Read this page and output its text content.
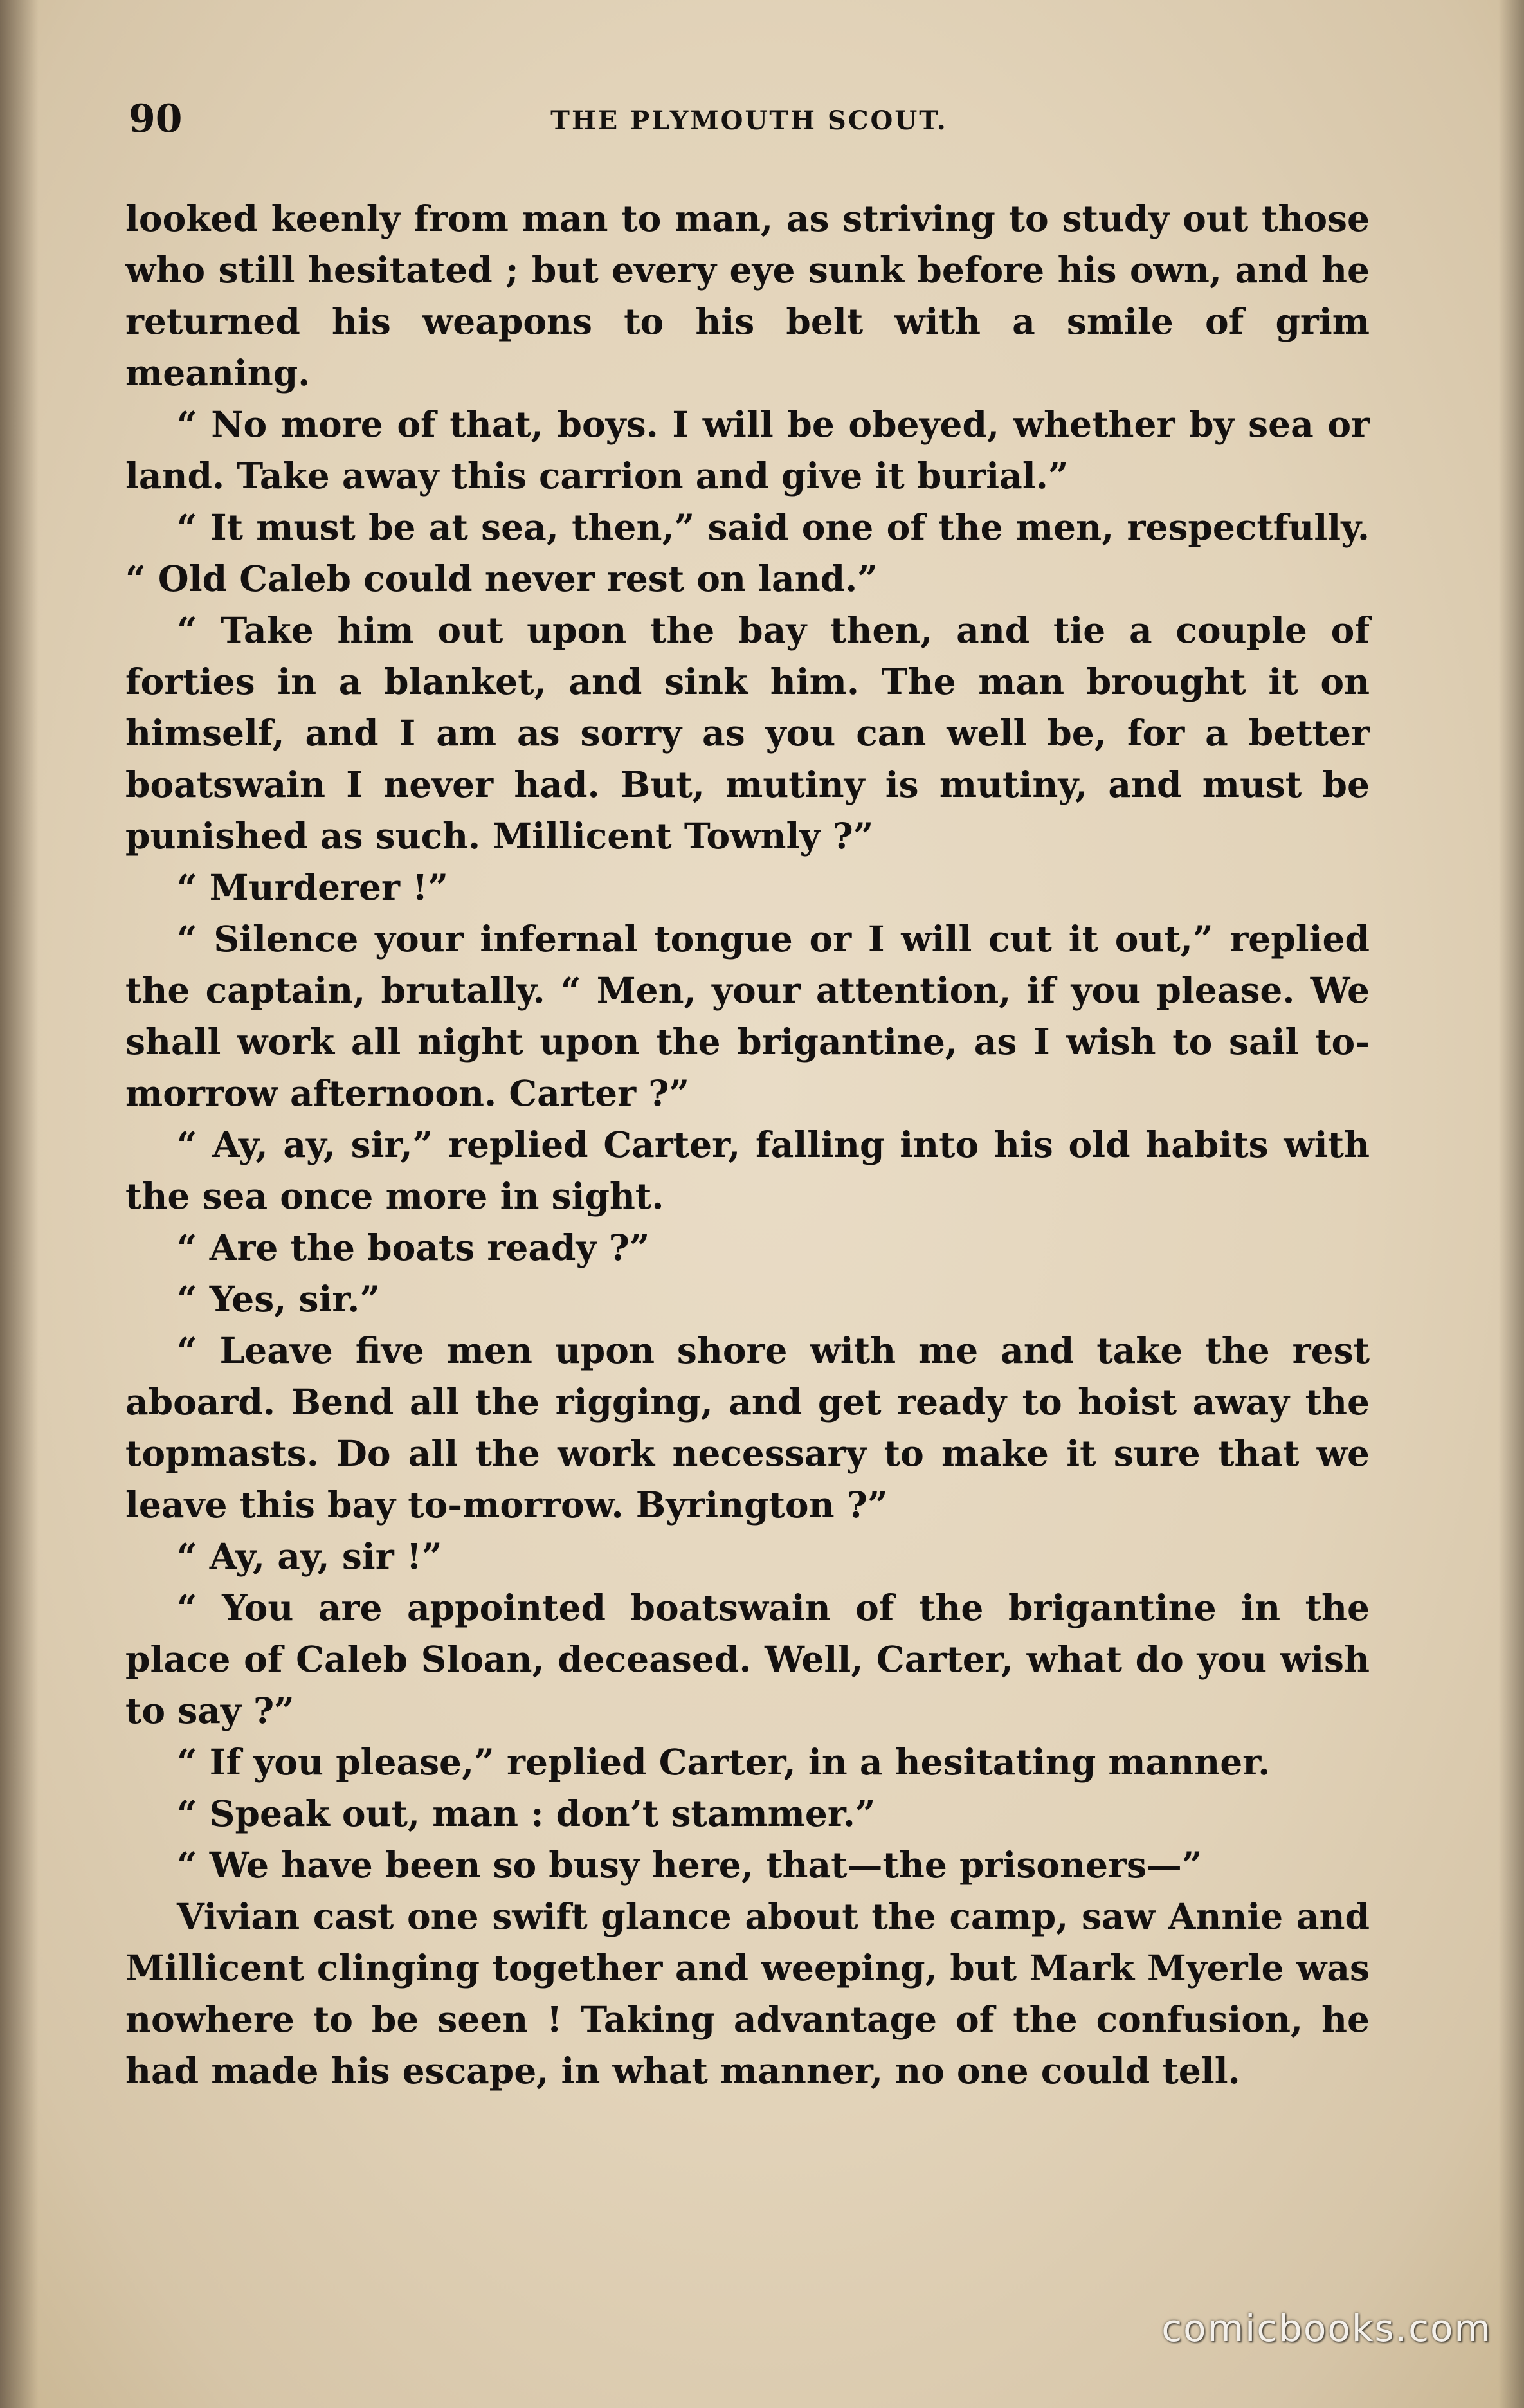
90	THE PLYMOUTH SCOUT.

looked keenly from man to man, as striving to study out those who still hesitated ; but every eye sunk before his own, and he returned his weapons to his belt with a smile of grim meaning.

“ No more of that, boys. I will be obeyed, whether by sea or land. Take away this carrion and give it burial.”

“ It must be at sea, then,” said one of the men, respectfully. “ Old Caleb could never rest on land.”

“ Take him out upon the bay then, and tie a couple of forties in a blanket, and sink him. The man brought it on himself, and I am as sorry as you can well be, for a better boatswain I never had. But, mutiny is mutiny, and must be punished as such. Millicent Townly ?”

“ Murderer !”

“ Silence your infernal tongue or I will cut it out,” replied the captain, brutally. “ Men, your attention, if you please. We shall work all night upon the brigantine, as I wish to sail to-morrow afternoon. Carter ?”

“ Ay, ay, sir,” replied Carter, falling into his old habits with the sea once more in sight.

“ Are the boats ready ?”

“ Yes, sir.”

“ Leave five men upon shore with me and take the rest aboard. Bend all the rigging, and get ready to hoist away the topmasts. Do all the work necessary to make it sure that we leave this bay to-morrow. Byrington ?”

“ Ay, ay, sir !”

“ You are appointed boatswain of the brigantine in the place of Caleb Sloan, deceased. Well, Carter, what do you wish to say ?”

“ If you please,” replied Carter, in a hesitating manner.

“ Speak out, man : don’t stammer.”

“ We have been so busy here, that—the prisoners—”

Vivian cast one swift glance about the camp, saw Annie and Millicent clinging together and weeping, but Mark Myerle was nowhere to be seen ! Taking advantage of the confusion, he had made his escape, in what manner, no one could tell.

comicbooks.com
